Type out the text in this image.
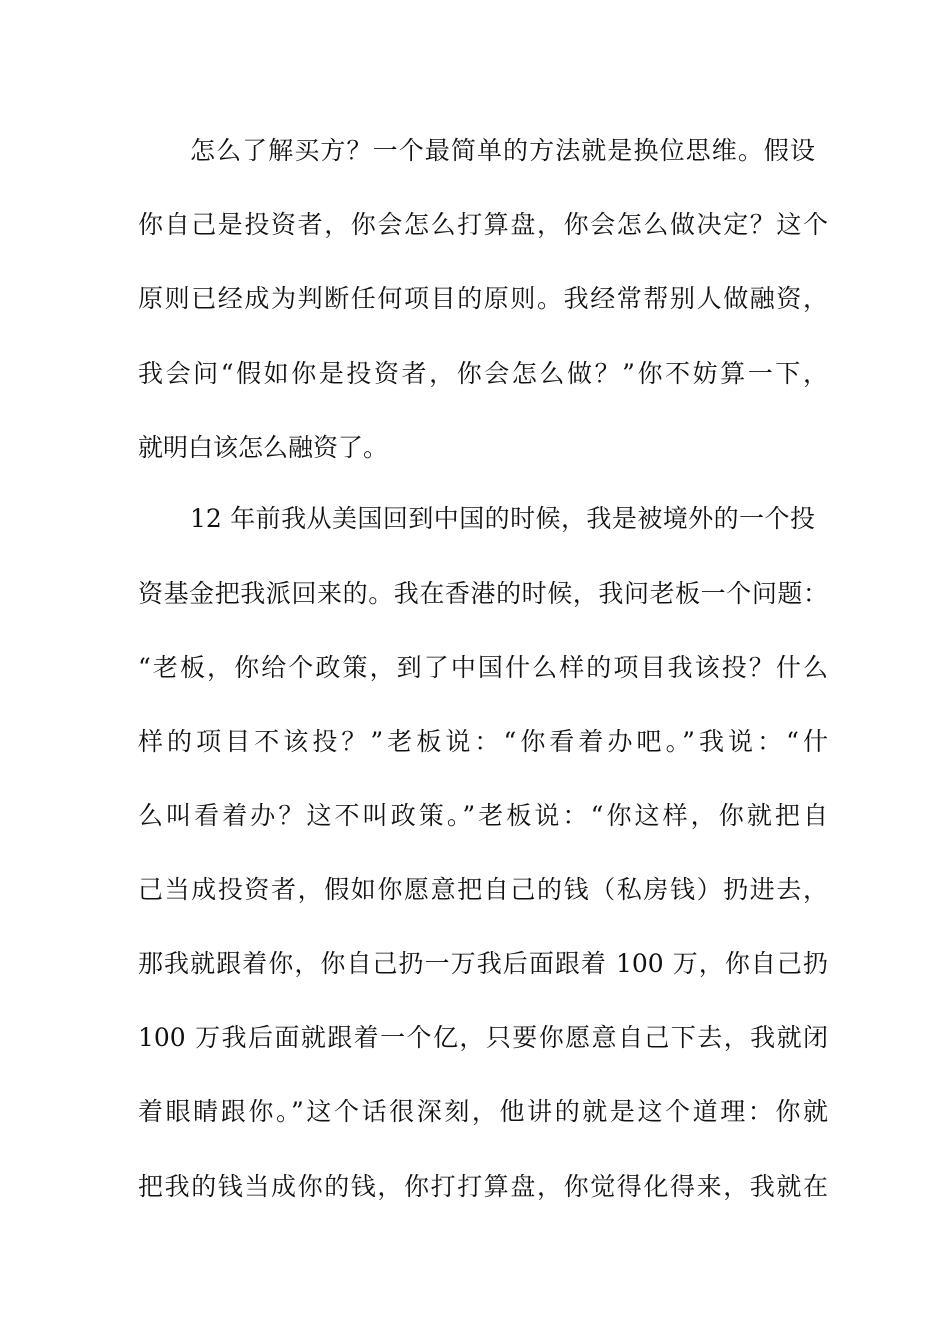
怎么了解买方？一个最简单的方法就是换位思维。假设
你自己是投资者，你会怎么打算盘，你会怎么做决定？这个
原则已经成为判断任何项目的原则。我经常帮别人做融资，
我会问“假如你是投资者，你会怎么做？”你不妨算一下，
就明白该怎么融资了。
12 年前我从美国回到中国的时候，我是被境外的一个投
资基金把我派回来的。我在香港的时候，我问老板一个问题：
“老板，你给个政策，到了中国什么样的项目我该投？什么
样的项目不该投？”老板说：“你看着办吧。”我说：“什
么叫看着办？这不叫政策。”老板说：“你这样，你就把自
己当成投资者，假如你愿意把自己的钱（私房钱）扔进去，
那我就跟着你，你自己扔一万我后面跟着 100 万，你自己扔
100 万我后面就跟着一个亿，只要你愿意自己下去，我就闭
着眼睛跟你。”这个话很深刻，他讲的就是这个道理：你就
把我的钱当成你的钱，你打打算盘，你觉得化得来，我就在
